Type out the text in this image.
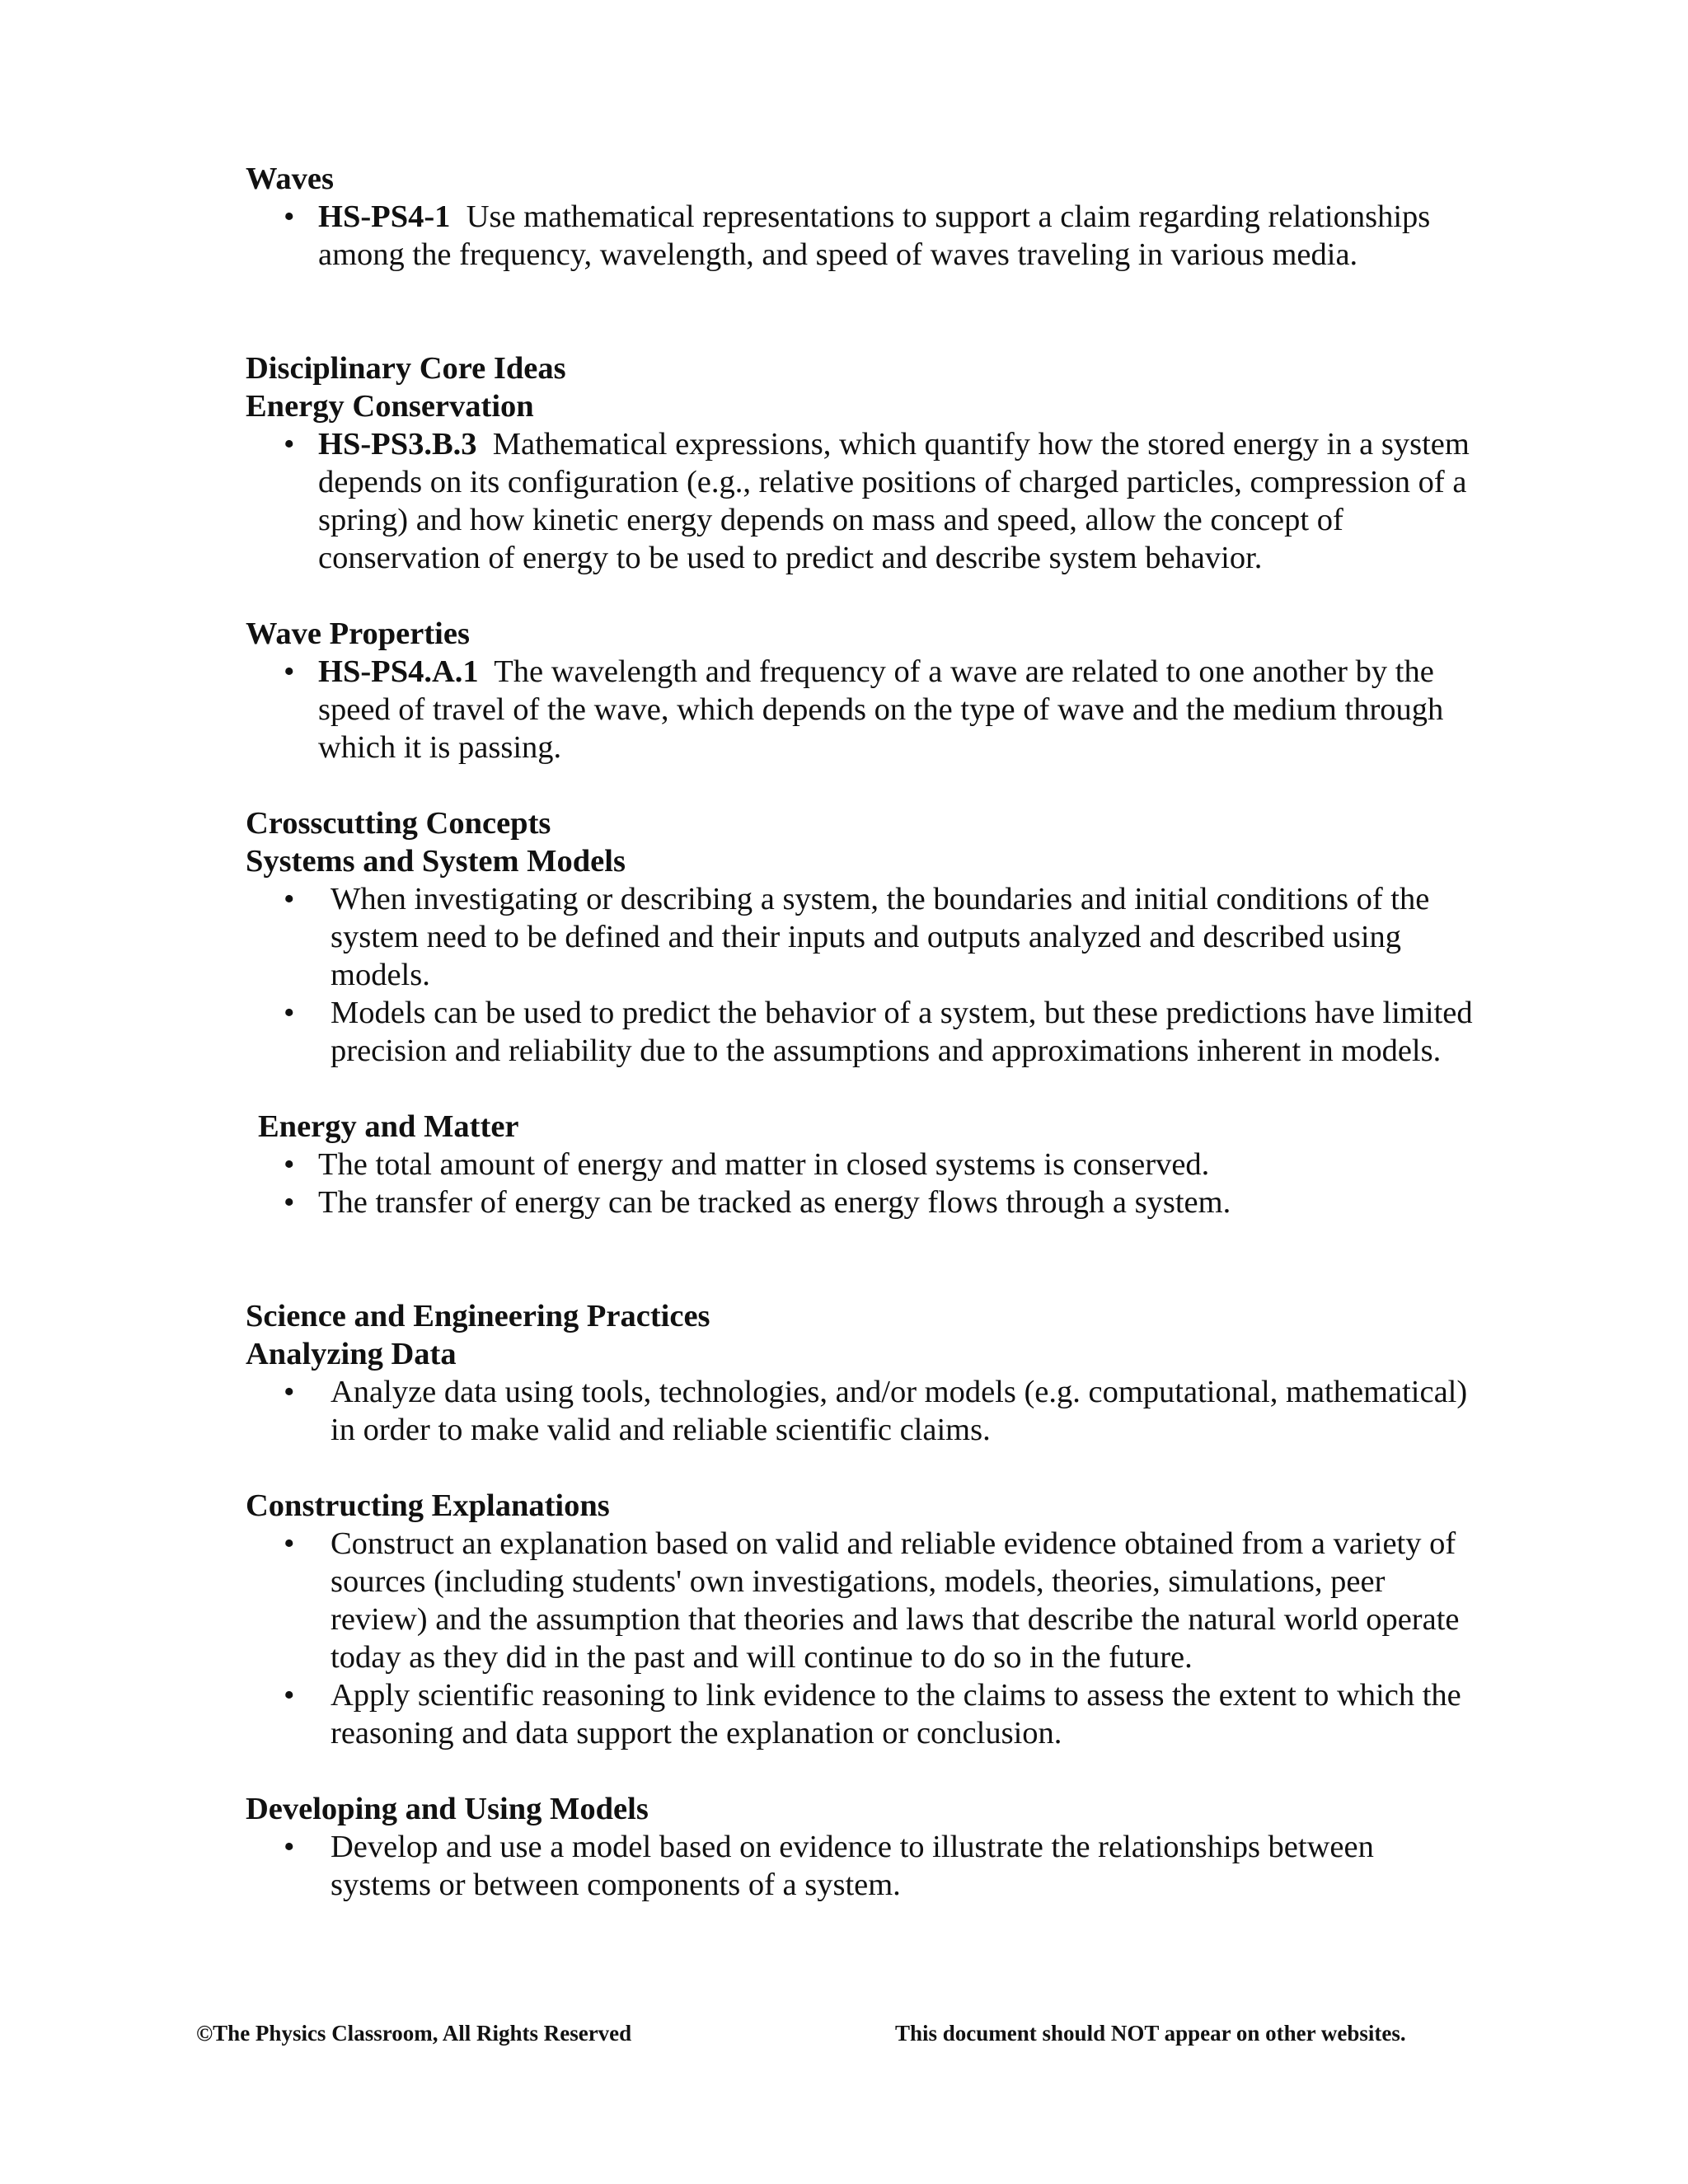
Waves

• HS-PS4-1  Use mathematical representations to support a claim regarding relationships among the frequency, wavelength, and speed of waves traveling in various media.

Disciplinary Core Ideas

Energy Conservation

• HS-PS3.B.3  Mathematical expressions, which quantify how the stored energy in a system depends on its configuration (e.g., relative positions of charged particles, compression of a spring) and how kinetic energy depends on mass and speed, allow the concept of conservation of energy to be used to predict and describe system behavior.

Wave Properties

• HS-PS4.A.1  The wavelength and frequency of a wave are related to one another by the speed of travel of the wave, which depends on the type of wave and the medium through which it is passing.

Crosscutting Concepts

Systems and System Models

• When investigating or describing a system, the boundaries and initial conditions of the system need to be defined and their inputs and outputs analyzed and described using models.
• Models can be used to predict the behavior of a system, but these predictions have limited precision and reliability due to the assumptions and approximations inherent in models.

Energy and Matter

• The total amount of energy and matter in closed systems is conserved.
• The transfer of energy can be tracked as energy flows through a system.

Science and Engineering Practices

Analyzing Data

• Analyze data using tools, technologies, and/or models (e.g. computational, mathematical) in order to make valid and reliable scientific claims.

Constructing Explanations

• Construct an explanation based on valid and reliable evidence obtained from a variety of sources (including students' own investigations, models, theories, simulations, peer review) and the assumption that theories and laws that describe the natural world operate today as they did in the past and will continue to do so in the future.
• Apply scientific reasoning to link evidence to the claims to assess the extent to which the reasoning and data support the explanation or conclusion.

Developing and Using Models

• Develop and use a model based on evidence to illustrate the relationships between systems or between components of a system.
©The Physics Classroom, All Rights Reserved	This document should NOT appear on other websites.
